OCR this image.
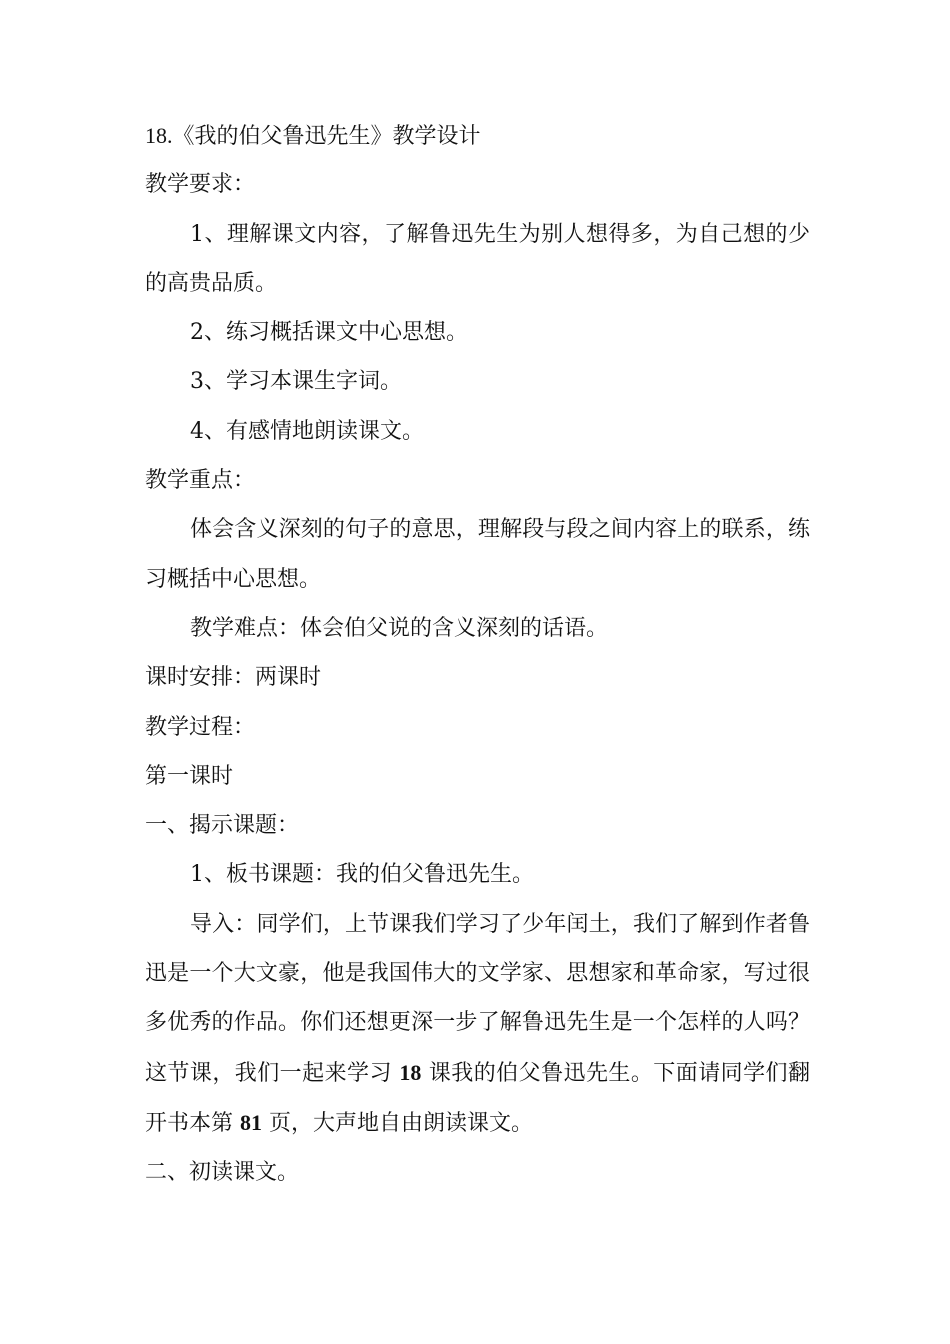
18.《我的伯父鲁迅先生》教学设计
教学要求：

1、理解课文内容，了解鲁迅先生为别人想得多，为自己想的少的高贵品质。

2、练习概括课文中心思想。
3、学习本课生字词。
4、有感情地朗读课文。
教学重点：

体会含义深刻的句子的意思，理解段与段之间内容上的联系，练习概括中心思想。

教学难点：体会伯父说的含义深刻的话语。
课时安排：两课时
教学过程：
第一课时
一、揭示课题：
1、板书课题：我的伯父鲁迅先生。

导入：同学们，上节课我们学习了少年闰土，我们了解到作者鲁迅是一个大文豪，他是我国伟大的文学家、思想家和革命家，写过很多优秀的作品。你们还想更深一步了解鲁迅先生是一个怎样的人吗？这节课，我们一起来学习 18 课我的伯父鲁迅先生。下面请同学们翻开书本第 81 页，大声地自由朗读课文。

二、初读课文。
